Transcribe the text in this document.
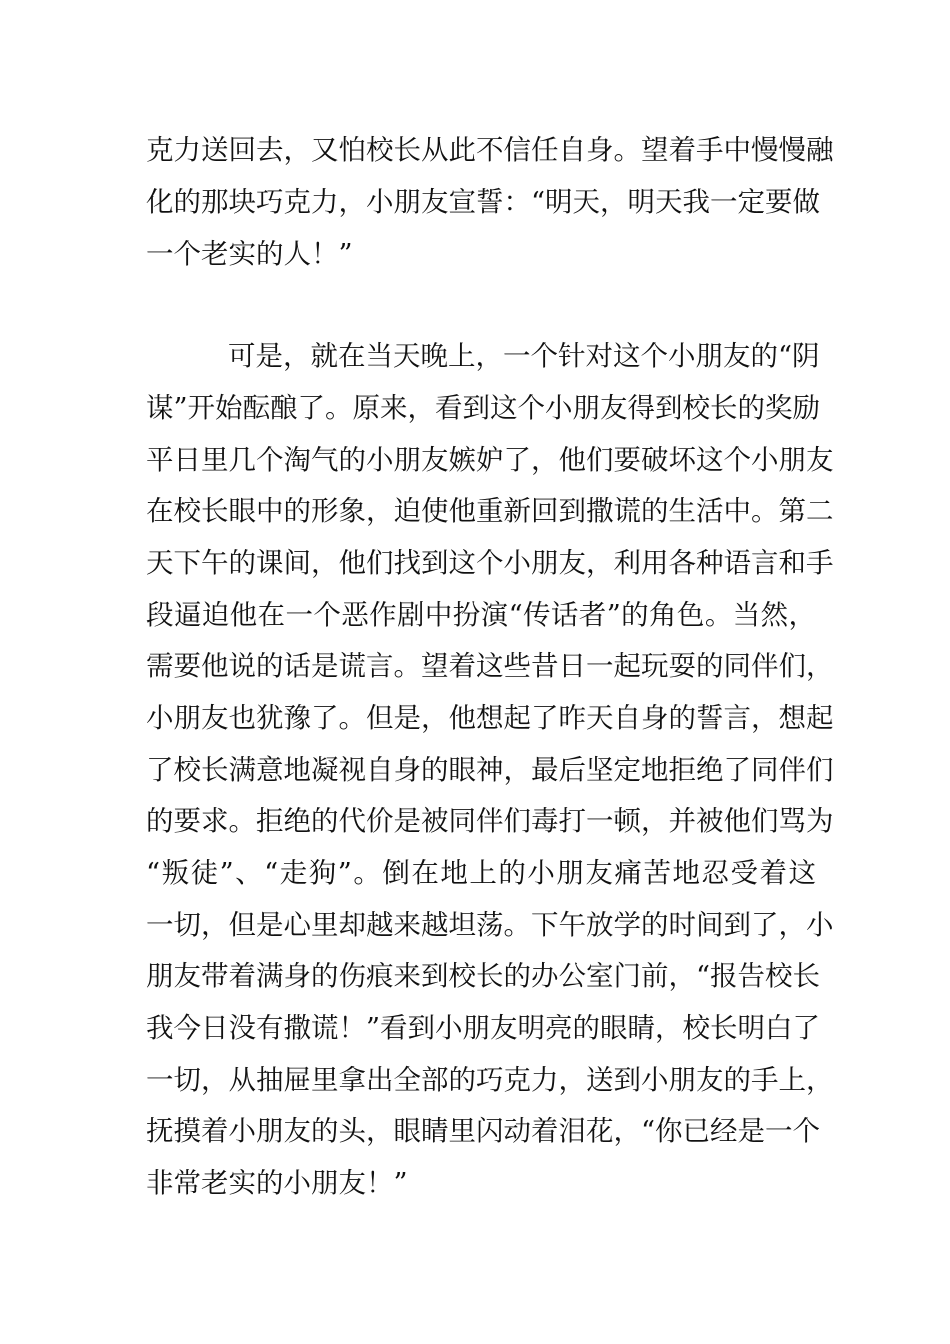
克力送回去，又怕校长从此不信任自身。望着手中慢慢融
化的那块巧克力，小朋友宣誓：“明天，明天我一定要做
一个老实的人！”
可是，就在当天晚上，一个针对这个小朋友的“阴
谋”开始酝酿了。原来，看到这个小朋友得到校长的奖励
平日里几个淘气的小朋友嫉妒了，他们要破坏这个小朋友
在校长眼中的形象，迫使他重新回到撒谎的生活中。第二
天下午的课间，他们找到这个小朋友，利用各种语言和手
段逼迫他在一个恶作剧中扮演“传话者”的角色。当然，
需要他说的话是谎言。望着这些昔日一起玩耍的同伴们，
小朋友也犹豫了。但是，他想起了昨天自身的誓言，想起
了校长满意地凝视自身的眼神，最后坚定地拒绝了同伴们
的要求。拒绝的代价是被同伴们毒打一顿，并被他们骂为
“叛徒”、“走狗”。倒在地上的小朋友痛苦地忍受着这
一切，但是心里却越来越坦荡。下午放学的时间到了，小
朋友带着满身的伤痕来到校长的办公室门前，“报告校长
我今日没有撒谎！”看到小朋友明亮的眼睛，校长明白了
一切，从抽屉里拿出全部的巧克力，送到小朋友的手上，
抚摸着小朋友的头，眼睛里闪动着泪花，“你已经是一个
非常老实的小朋友！”
